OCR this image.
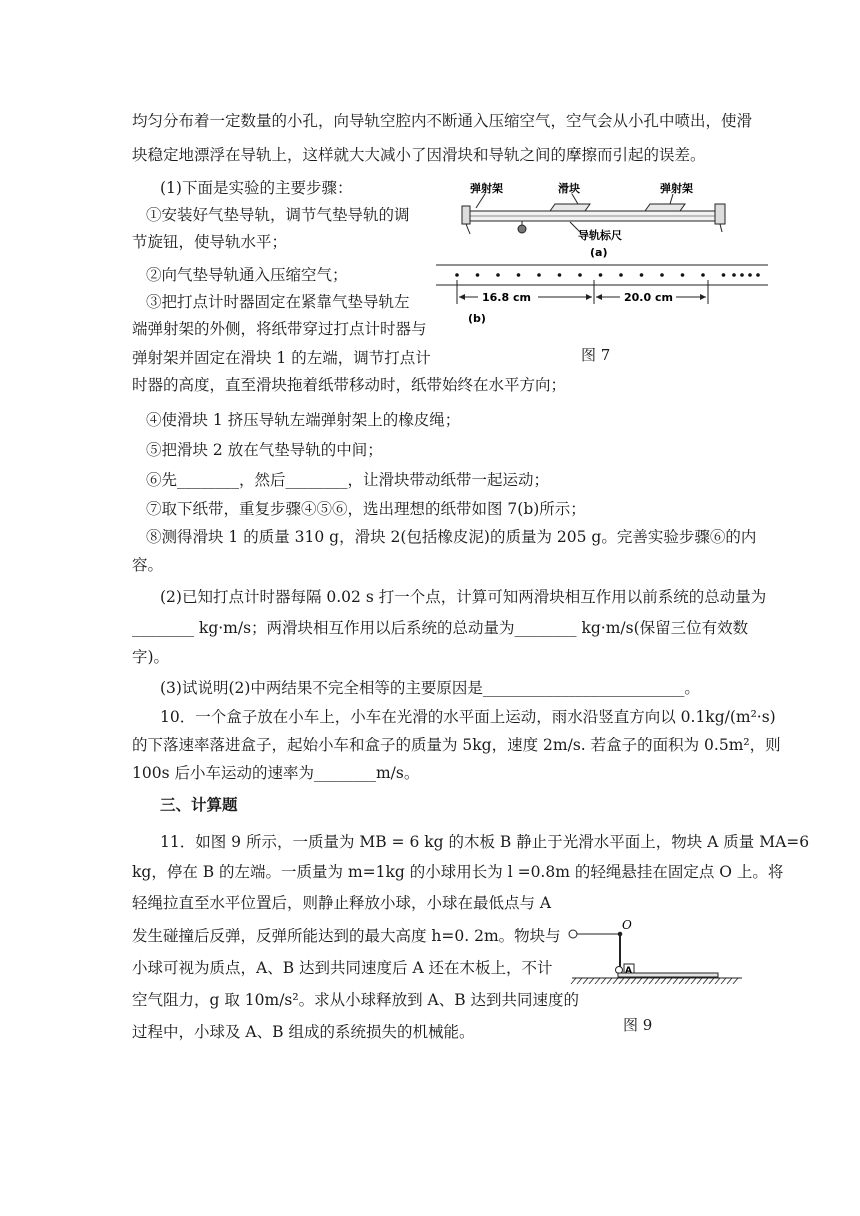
均匀分布着一定数量的小孔，向导轨空腔内不断通入压缩空气，空气会从小孔中喷出，使滑
块稳定地漂浮在导轨上，这样就大大减小了因滑块和导轨之间的摩擦而引起的误差。
(1)下面是实验的主要步骤：
①安装好气垫导轨，调节气垫导轨的调
节旋钮，使导轨水平；
②向气垫导轨通入压缩空气；
③把打点计时器固定在紧靠气垫导轨左
端弹射架的外侧，将纸带穿过打点计时器与
弹射架并固定在滑块 1 的左端，调节打点计
时器的高度，直至滑块拖着纸带移动时，纸带始终在水平方向；
④使滑块 1 挤压导轨左端弹射架上的橡皮绳；
⑤把滑块 2 放在气垫导轨的中间；
⑥先________，然后________，让滑块带动纸带一起运动；
⑦取下纸带，重复步骤④⑤⑥，选出理想的纸带如图 7(b)所示；
⑧测得滑块 1 的质量 310 g，滑块 2(包括橡皮泥)的质量为 205 g。完善实验步骤⑥的内
容。
(2)已知打点计时器每隔 0.02 s 打一个点，计算可知两滑块相互作用以前系统的总动量为
________ kg·m/s；两滑块相互作用以后系统的总动量为________ kg·m/s(保留三位有效数
字)。
(3)试说明(2)中两结果不完全相等的主要原因是__________________________。
弹射架	滑块	弹射架
导轨标尺
(a)
16.8 cm	20.0 cm
(b)
图 7
10．一个盒子放在小车上，小车在光滑的水平面上运动，雨水沿竖直方向以 0.1kg/(m²·s)
的下落速率落进盒子，起始小车和盒子的质量为 5kg，速度 2m/s. 若盒子的面积为 0.5m²，则
100s 后小车运动的速率为________m/s。
三、计算题
11．如图 9 所示，一质量为 MB = 6 kg 的木板 B 静止于光滑水平面上，物块 A 质量 MA=6
kg，停在 B 的左端。一质量为 m=1kg 的小球用长为 l =0.8m 的轻绳悬挂在固定点 O 上。将
轻绳拉直至水平位置后，则静止释放小球，小球在最低点与 A
发生碰撞后反弹，反弹所能达到的最大高度 h=0. 2m。物块与
小球可视为质点，A、B 达到共同速度后 A 还在木板上，不计
空气阻力，g 取 10m/s²。求从小球释放到 A、B 达到共同速度的
过程中，小球及 A、B 组成的系统损失的机械能。
O
A
图 9
